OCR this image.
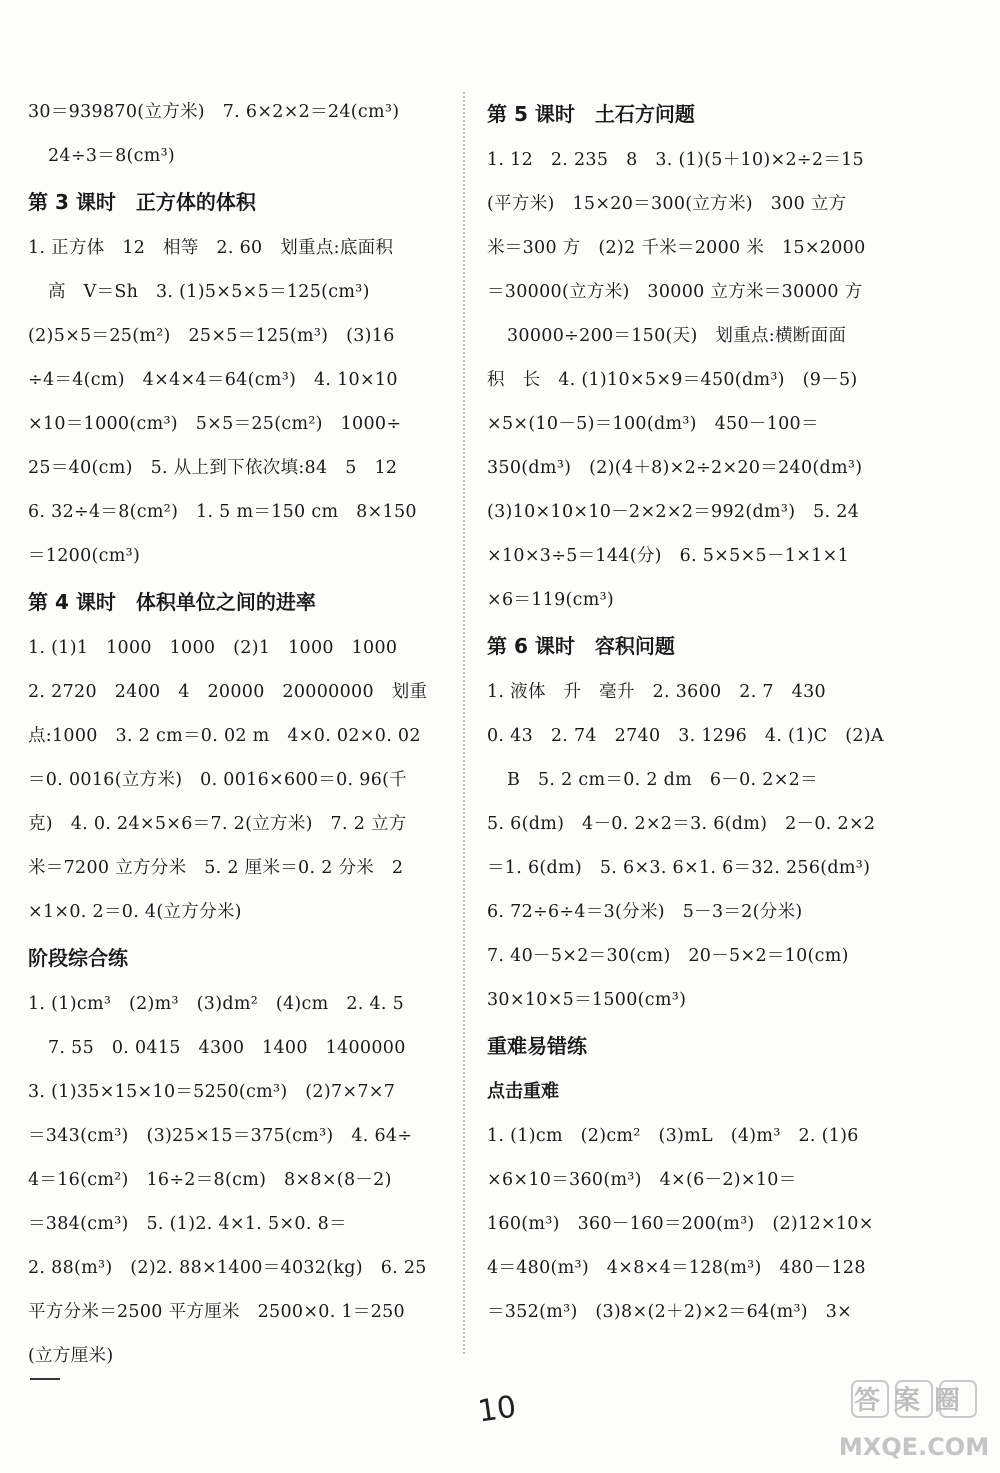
30＝939870(立方米)　7. 6×2×2＝24(cm³)
24÷3＝8(cm³)
第 3 课时　正方体的体积
1. 正方体　12　相等　2. 60　划重点:底面积
高　V＝Sh　3. (1)5×5×5＝125(cm³)
(2)5×5＝25(m²)　25×5＝125(m³)　(3)16
÷4＝4(cm)　4×4×4＝64(cm³)　4. 10×10
×10＝1000(cm³)　5×5＝25(cm²)　1000÷
25＝40(cm)　5. 从上到下依次填:84　5　12
6. 32÷4＝8(cm²)　1. 5 m＝150 cm　8×150
＝1200(cm³)
第 4 课时　体积单位之间的进率
1. (1)1　1000　1000　(2)1　1000　1000
2. 2720　2400　4　20000　20000000　划重
点:1000　3. 2 cm＝0. 02 m　4×0. 02×0. 02
＝0. 0016(立方米)　0. 0016×600＝0. 96(千
克)　4. 0. 24×5×6＝7. 2(立方米)　7. 2 立方
米＝7200 立方分米　5. 2 厘米＝0. 2 分米　2
×1×0. 2＝0. 4(立方分米)
阶段综合练
1. (1)cm³　(2)m³　(3)dm²　(4)cm　2. 4. 5
7. 55　0. 0415　4300　1400　1400000
3. (1)35×15×10＝5250(cm³)　(2)7×7×7
＝343(cm³)　(3)25×15＝375(cm³)　4. 64÷
4＝16(cm²)　16÷2＝8(cm)　8×8×(8－2)
＝384(cm³)　5. (1)2. 4×1. 5×0. 8＝
2. 88(m³)　(2)2. 88×1400＝4032(kg)　6. 25
平方分米＝2500 平方厘米　2500×0. 1＝250
(立方厘米)
第 5 课时　土石方问题
1. 12　2. 235　8　3. (1)(5＋10)×2÷2＝15
(平方米)　15×20＝300(立方米)　300 立方
米＝300 方　(2)2 千米＝2000 米　15×2000
＝30000(立方米)　30000 立方米＝30000 方
30000÷200＝150(天)　划重点:横断面面
积　长　4. (1)10×5×9＝450(dm³)　(9－5)
×5×(10－5)＝100(dm³)　450－100＝
350(dm³)　(2)(4＋8)×2÷2×20＝240(dm³)
(3)10×10×10－2×2×2＝992(dm³)　5. 24
×10×3÷5＝144(分)　6. 5×5×5－1×1×1
×6＝119(cm³)
第 6 课时　容积问题
1. 液体　升　毫升　2. 3600　2. 7　430
0. 43　2. 74　2740　3. 1296　4. (1)C　(2)A
B　5. 2 cm＝0. 2 dm　6－0. 2×2＝
5. 6(dm)　4－0. 2×2＝3. 6(dm)　2－0. 2×2
＝1. 6(dm)　5. 6×3. 6×1. 6＝32. 256(dm³)
6. 72÷6÷4＝3(分米)　5－3＝2(分米)
7. 40－5×2＝30(cm)　20－5×2＝10(cm)
30×10×5＝1500(cm³)
重难易错练
点击重难
1. (1)cm　(2)cm²　(3)mL　(4)m³　2. (1)6
×6×10＝360(m³)　4×(6－2)×10＝
160(m³)　360－160＝200(m³)　(2)12×10×
4＝480(m³)　4×8×4＝128(m³)　480－128
＝352(m³)　(3)8×(2＋2)×2＝64(m³)　3×
10	答案圈
MXQE.COM
